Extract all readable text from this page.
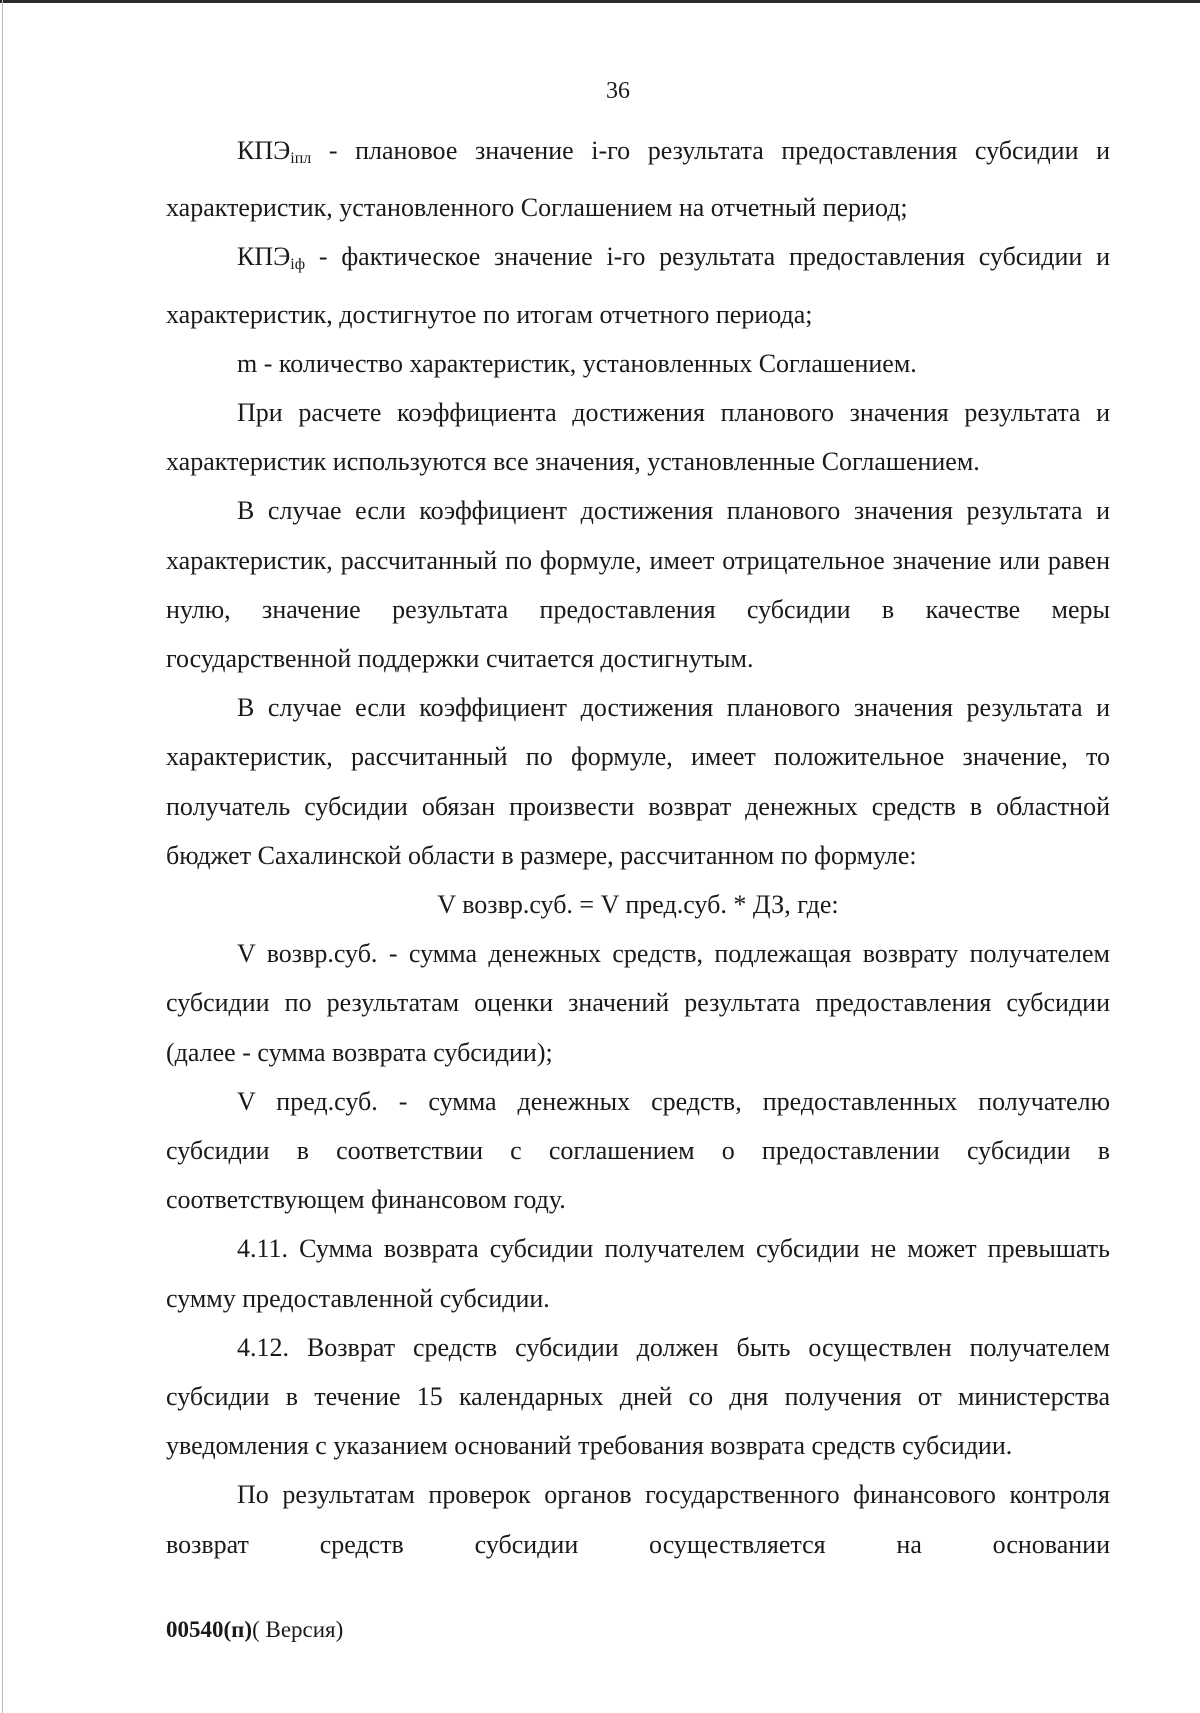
36

$КПЭ_{iпл}$ - плановое значение i-го результата предоставления субсидии и характеристик, установленного Соглашением на отчетный период;

$КПЭ_{iф}$ - фактическое значение i-го результата предоставления субсидии и характеристик, достигнутое по итогам отчетного периода;

m - количество характеристик, установленных Соглашением.

При расчете коэффициента достижения планового значения результата и характеристик используются все значения, установленные Соглашением.

В случае если коэффициент достижения планового значения результата и характеристик, рассчитанный по формуле, имеет отрицательное значение или равен нулю, значение результата предоставления субсидии в качестве меры государственной поддержки считается достигнутым.

В случае если коэффициент достижения планового значения результата и характеристик, рассчитанный по формуле, имеет положительное значение, то получатель субсидии обязан произвести возврат денежных средств в областной бюджет Сахалинской области в размере, рассчитанном по формуле:

V возвр.суб. = V пред.суб. * ДЗ, где:

V возвр.суб. - сумма денежных средств, подлежащая возврату получателем субсидии по результатам оценки значений результата предоставления субсидии (далее - сумма возврата субсидии);

V пред.суб. - сумма денежных средств, предоставленных получателю субсидии в соответствии с соглашением о предоставлении субсидии в соответствующем финансовом году.

4.11. Сумма возврата субсидии получателем субсидии не может превышать сумму предоставленной субсидии.

4.12. Возврат средств субсидии должен быть осуществлен получателем субсидии в течение 15 календарных дней со дня получения от министерства уведомления с указанием оснований требования возврата средств субсидии.

По результатам проверок органов государственного финансового контроля возврат средств субсидии осуществляется на основании

00540(п)( Версия)
